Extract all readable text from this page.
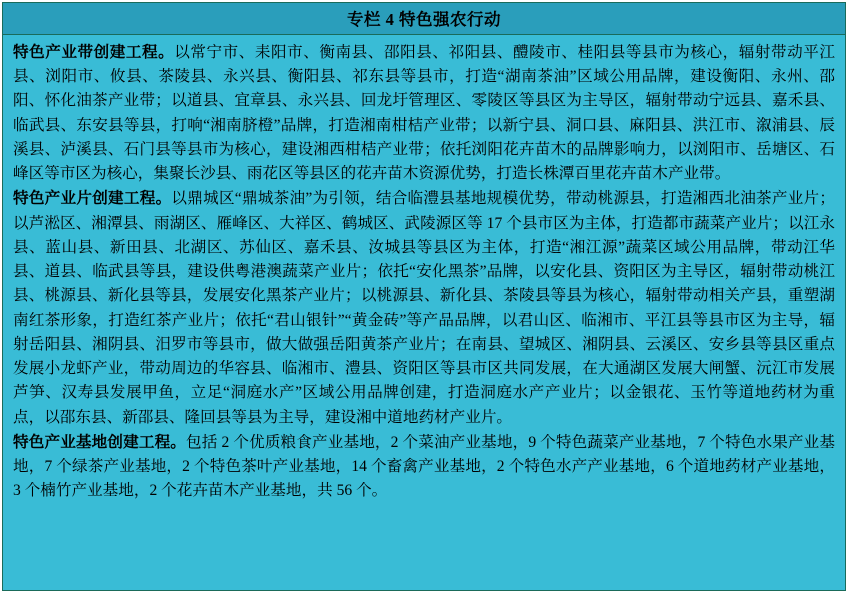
专栏 4 特色强农行动

特色产业带创建工程。以常宁市、耒阳市、衡南县、邵阳县、祁阳县、醴陵市、桂阳县等县市为核心，辐射带动平江县、浏阳市、攸县、茶陵县、永兴县、衡阳县、祁东县等县市，打造“湖南茶油”区域公用品牌，建设衡阳、永州、邵阳、怀化油茶产业带；以道县、宜章县、永兴县、回龙圩管理区、零陵区等县区为主导区，辐射带动宁远县、嘉禾县、临武县、东安县等县，打响“湘南脐橙”品牌，打造湘南柑桔产业带；以新宁县、洞口县、麻阳县、洪江市、溆浦县、辰溪县、泸溪县、石门县等县市为核心，建设湘西柑桔产业带；依托浏阳花卉苗木的品牌影响力，以浏阳市、岳塘区、石峰区等市区为核心，集聚长沙县、雨花区等县区的花卉苗木资源优势，打造长株潭百里花卉苗木产业带。

特色产业片创建工程。以鼎城区“鼎城茶油”为引领，结合临澧县基地规模优势，带动桃源县，打造湘西北油茶产业片；以芦淞区、湘潭县、雨湖区、雁峰区、大祥区、鹤城区、武陵源区等 17 个县市区为主体，打造都市蔬菜产业片；以江永县、蓝山县、新田县、北湖区、苏仙区、嘉禾县、汝城县等县区为主体，打造“湘江源”蔬菜区域公用品牌，带动江华县、道县、临武县等县，建设供粤港澳蔬菜产业片；依托“安化黑茶”品牌，以安化县、资阳区为主导区，辐射带动桃江县、桃源县、新化县等县，发展安化黑茶产业片；以桃源县、新化县、茶陵县等县为核心，辐射带动相关产县，重塑湖南红茶形象，打造红茶产业片；依托“君山银针”“黄金砖”等产品品牌，以君山区、临湘市、平江县等县市区为主导，辐射岳阳县、湘阴县、汨罗市等县市，做大做强岳阳黄茶产业片；在南县、望城区、湘阴县、云溪区、安乡县等县区重点发展小龙虾产业，带动周边的华容县、临湘市、澧县、资阳区等县市区共同发展，在大通湖区发展大闸蟹、沅江市发展芦笋、汉寿县发展甲鱼，立足“洞庭水产”区域公用品牌创建，打造洞庭水产产业片；以金银花、玉竹等道地药材为重点，以邵东县、新邵县、隆回县等县为主导，建设湘中道地药材产业片。

特色产业基地创建工程。包括 2 个优质粮食产业基地，2 个菜油产业基地，9 个特色蔬菜产业基地，7 个特色水果产业基地，7 个绿茶产业基地，2 个特色茶叶产业基地，14 个畜禽产业基地，2 个特色水产产业基地，6 个道地药材产业基地，3 个楠竹产业基地，2 个花卉苗木产业基地，共 56 个。
